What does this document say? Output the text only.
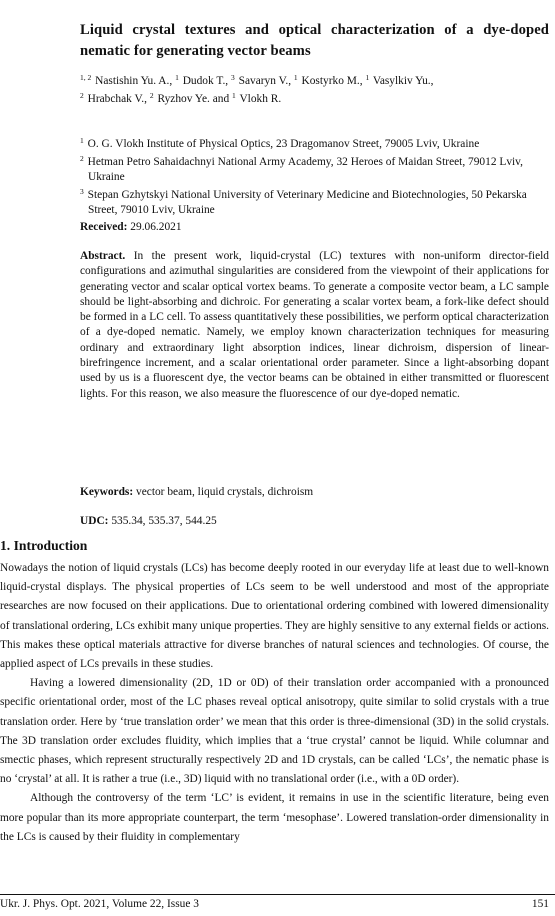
Liquid crystal textures and optical characterization of a dye-doped nematic for generating vector beams
$^{1, 2}$ Nastishin Yu. A., $^1$ Dudok T., $^3$ Savaryn V., $^1$ Kostyrko M., $^1$ Vasylkiv Yu.,
$^2$ Hrabchak V., $^2$ Ryzhov Ye. and $^1$ Vlokh R.
$^1$ O. G. Vlokh Institute of Physical Optics, 23 Dragomanov Street, 79005 Lviv, Ukraine
$^2$ Hetman Petro Sahaidachnyi National Army Academy, 32 Heroes of Maidan Street, 79012 Lviv, Ukraine
$^3$ Stepan Gzhytskyi National University of Veterinary Medicine and Biotechnologies, 50 Pekarska Street, 79010 Lviv, Ukraine
Received: 29.06.2021
Abstract. In the present work, liquid-crystal (LC) textures with non-uniform director-field configurations and azimuthal singularities are considered from the viewpoint of their applications for generating vector and scalar optical vortex beams. To generate a composite vector beam, a LC sample should be light-absorbing and dichroic. For generating a scalar vortex beam, a fork-like defect should be formed in a LC cell. To assess quantitatively these possibilities, we perform optical characterization of a dye-doped nematic. Namely, we employ known characterization techniques for measuring ordinary and extraordinary light absorption indices, linear dichroism, dispersion of linear-birefringence increment, and a scalar orientational order parameter. Since a light-absorbing dopant used by us is a fluorescent dye, the vector beams can be obtained in either transmitted or fluorescent lights. For this reason, we also measure the fluorescence of our dye-doped nematic.
Keywords: vector beam, liquid crystals, dichroism
UDC: 535.34, 535.37, 544.25
1. Introduction

Nowadays the notion of liquid crystals (LCs) has become deeply rooted in our everyday life at least due to well-known liquid-crystal displays. The physical properties of LCs seem to be well understood and most of the appropriate researches are now focused on their applications. Due to orientational ordering combined with lowered dimensionality of translational ordering, LCs exhibit many unique properties. They are highly sensitive to any external fields or actions. This makes these optical materials attractive for diverse branches of natural sciences and technologies. Of course, the applied aspect of LCs prevails in these studies.

Having a lowered dimensionality (2D, 1D or 0D) of their translation order accompanied with a pronounced specific orientational order, most of the LC phases reveal optical anisotropy, quite similar to solid crystals with a true translation order. Here by ‘true translation order’ we mean that this order is three-dimensional (3D) in the solid crystals. The 3D translation order excludes fluidity, which implies that a ‘true crystal’ cannot be liquid. While columnar and smectic phases, which represent structurally respectively 2D and 1D crystals, can be called ‘LCs’, the nematic phase is no ‘crystal’ at all. It is rather a true (i.e., 3D) liquid with no translational order (i.e., with a 0D order).

Although the controversy of the term ‘LC’ is evident, it remains in use in the scientific literature, being even more popular than its more appropriate counterpart, the term ‘mesophase’. Lowered translation-order dimensionality in the LCs is caused by their fluidity in complementary

Ukr. J. Phys. Opt. 2021, Volume 22, Issue 3	151
